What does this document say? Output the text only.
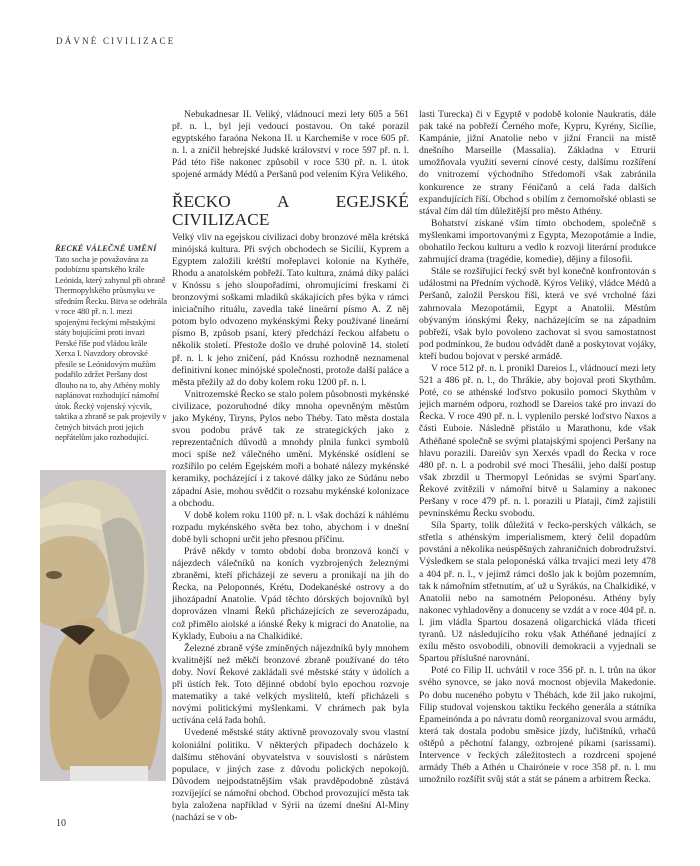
DÁVNÉ CIVILIZACE
ŘECKÉ VÁLEČNÉ UMĚNÍ
Tato socha je považována za podobiznu spartského krále Leónida, který zahynul při obraně Thermopylského průsmyku ve středním Řecku. Bitva se odehrála v roce 480 př. n. l. mezi spojenými řeckými městskými státy bojujícími proti invazi Perské říše pod vládou krále Xerxa I. Navzdory obrovské přesile se Leónidovým mužům podařilo zdržet Peršany dost dlouho na to, aby Athény mohly naplánovat rozhodující námořní útok. Řecký vojenský výcvik, taktika a zbraně se pak projevily v četných bitvách proti jejich nepřátelům jako rozhodující.

Nebukadnesar II. Veliký, vládnoucí mezi lety 605 a 561 př. n. l., byl její vedoucí postavou. On také porazil egyptského faraóna Nekona II. u Karchemiše v roce 605 př. n. l. a zničil hebrejské Judské království v roce 597 př. n. l. Pád této říše nakonec způsobil v roce 530 př. n. l. útok spojené armády Médů a Peršanů pod velením Kýra Velikého.

ŘECKO A EGEJSKÉ CIVILIZACE

Velký vliv na egejskou civilizaci doby bronzové měla krétská minójská kultura. Při svých obchodech se Sicílií, Kyprem a Egyptem založili krétští mořeplavci kolonie na Kythéře, Rhodu a anatolském pobřeží. Tato kultura, známá díky paláci v Knóssu s jeho sloupořadími, ohromujícími freskami či bronzovými soškami mladíků skákajících přes býka v rámci iniciačního rituálu, zavedla také lineární písmo A. Z něj potom bylo odvozeno mykénskými Řeky používané lineární písmo B, způsob psaní, který předchází řeckou alfabetu o několik století. Přestože došlo ve druhé polovině 14. století př. n. l. k jeho zničení, pád Knóssu rozhodně neznamenal definitivní konec minójské společnosti, protože další paláce a města přežily až do doby kolem roku 1200 př. n. l.

Vnitrozemské Řecko se stalo polem působnosti mykénské civilizace, pozoruhodné díky mnoha opevněným městům jako Mykény, Tiryns, Pylos nebo Théby. Tato města dostala svou podobu právě tak ze strategických jako z reprezentačních důvodů a mnohdy plnila funkci symbolů moci spíše než válečného umění. Mykénské osídlení se rozšířilo po celém Egejském moři a bohaté nálezy mykénské keramiky, pocházející i z takové dálky jako ze Súdánu nebo západní Asie, mohou svědčit o rozsahu mykénské kolonizace a obchodu.

V době kolem roku 1100 př. n. l. však dochází k náhlému rozpadu mykénského světa bez toho, abychom i v dnešní době byli schopni určit jeho přesnou příčinu.

Právě někdy v tomto období doba bronzová končí v nájezdech válečníků na koních vyzbrojených železnými zbraněmi, kteří přicházejí ze severu a pronikají na jih do Řecka, na Peloponnés, Krétu, Dodekanéské ostrovy a do jihozápadní Anatolie. Vpád těchto dórských bojovníků byl doprovázen vlnami Řeků přicházejících ze severozápadu, což přimělo aiolské a iónské Řeky k migraci do Anatolie, na Kyklady, Euboiu a na Chalkidiké.

Železné zbraně výše zmíněných nájezdníků byly mnohem kvalitnější než měkčí bronzové zbraně používané do této doby. Noví Řekové zakládali své městské státy v údolích a při ústích řek. Toto dějinné období bylo epochou rozvoje matematiky a také velkých myslitelů, kteří přicházeli s novými politickými myšlenkami. V chrámech pak byla uctívána celá řada bohů.

Uvedené městské státy aktivně provozovaly svou vlastní koloniální politiku. V některých případech docházelo k dalšímu stěhování obyvatelstva v souvislosti s nárůstem populace, v jiných zase z důvodu polických nepokojů. Důvodem nejpodstatnějším však pravděpodobně zůstává rozvíjející se námořní obchod. Obchod provozující města tak byla založena například v Sýrii na území dnešní Al-Miny (nachází se v ob-

lasti Turecka) či v Egyptě v podobě kolonie Naukratis, dále pak také na pobřeží Černého moře, Kypru, Kyrény, Sicílie, Kampánie, jižní Anatolie nebo v jižní Francii na místě dnešního Marseille (Massalia). Základna v Etrurii umožňovala využití severní cínové cesty, dalšímu rozšíření do vnitrozemí východního Středomoří však zabránila konkurence ze strany Féničanů a celá řada dalších expandujících říší. Obchod s obilím z černomořské oblasti se stával čím dál tím důležitější pro město Athény.

Bohatství získané vším tímto obchodem, společně s myšlenkami importovanými z Egypta, Mezopotámie a Indie, obohatilo řeckou kulturu a vedlo k rozvoji literární produkce zahrnující drama (tragédie, komedie), dějiny a filosofii.

Stále se rozšiřující řecký svět byl konečně konfrontován s událostmi na Předním východě. Kýros Veliký, vládce Médů a Peršanů, založil Perskou říši, která ve své vrcholné fázi zahrnovala Mezopotámii, Egypt a Anatolii. Městům obývaným iónskými Řeky, nacházejícím se na západním pobřeží, však bylo povoleno zachovat si svou samostatnost pod podmínkou, že budou odvádět daně a poskytovat vojáky, kteří budou bojovat v perské armádě.

V roce 512 př. n. l. pronikl Dareios I., vládnoucí mezi lety 521 a 486 př. n. l., do Thrákie, aby bojoval proti Skythům. Poté, co se athénské loďstvo pokusilo pomoci Skythům v jejich marném odporu, rozhodl se Dareios také pro invazi do Řecka. V roce 490 př. n. l. vyplenilo perské loďstvo Naxos a části Euboie. Následně přistálo u Marathonu, kde však Athéňané společně se svými platajskými spojenci Peršany na hlavu porazili. Dareiův syn Xerxés vpadl do Řecka v roce 480 př. n. l. a podrobil své moci Thesálii, jeho další postup však zbrzdil u Thermopyl Leónidas se svými Sparťany. Řekové zvítězili v námořní bitvě u Salaminy a nakonec Peršany v roce 479 př. n. l. porazili u Plataji, čímž zajistili pevninskému Řecku svobodu.

Síla Sparty, tolik důležitá v řecko-perských válkách, se střetla s athénským imperialismem, který čelil dopadům povstání a několika neúspěšných zahraničních dobrodružství. Výsledkem se stala peloponéská válka trvající mezi lety 478 a 404 př. n. l., v jejímž rámci došlo jak k bojům pozemním, tak k námořním střetnutím, ať už u Syrákús, na Chalkidiké, v Anatolii nebo na samotném Peloponésu. Athény byly nakonec vyhladověny a donuceny se vzdát a v roce 404 př. n. l. jim vládla Spartou dosazená oligarchická vláda třiceti tyranů. Už následujícího roku však Athéňané jednající z exilu město osvobodili, obnovili demokracii a vyjednali se Spartou příslušné narovnání.

Poté co Filip II. uchvátil v roce 356 př. n. l. trůn na úkor svého synovce, se jako nová mocnost objevila Makedonie. Po dobu nuceného pobytu v Thébách, kde žil jako rukojmí, Filip studoval vojenskou taktiku řeckého generála a státníka Epameinónda a po návratu domů reorganizoval svou armádu, která tak dostala podobu směsice jízdy, lučištníků, vrhačů oštěpů a pěchotní falangy, ozbrojené píkami (sarissami). Intervence v řeckých záležitostech a rozdrcení spojené armády Théb a Athén u Chairóneie v roce 358 př. n. l. mu umožnilo rozšířit svůj stát a stát se pánem a arbitrem Řecka.

10
